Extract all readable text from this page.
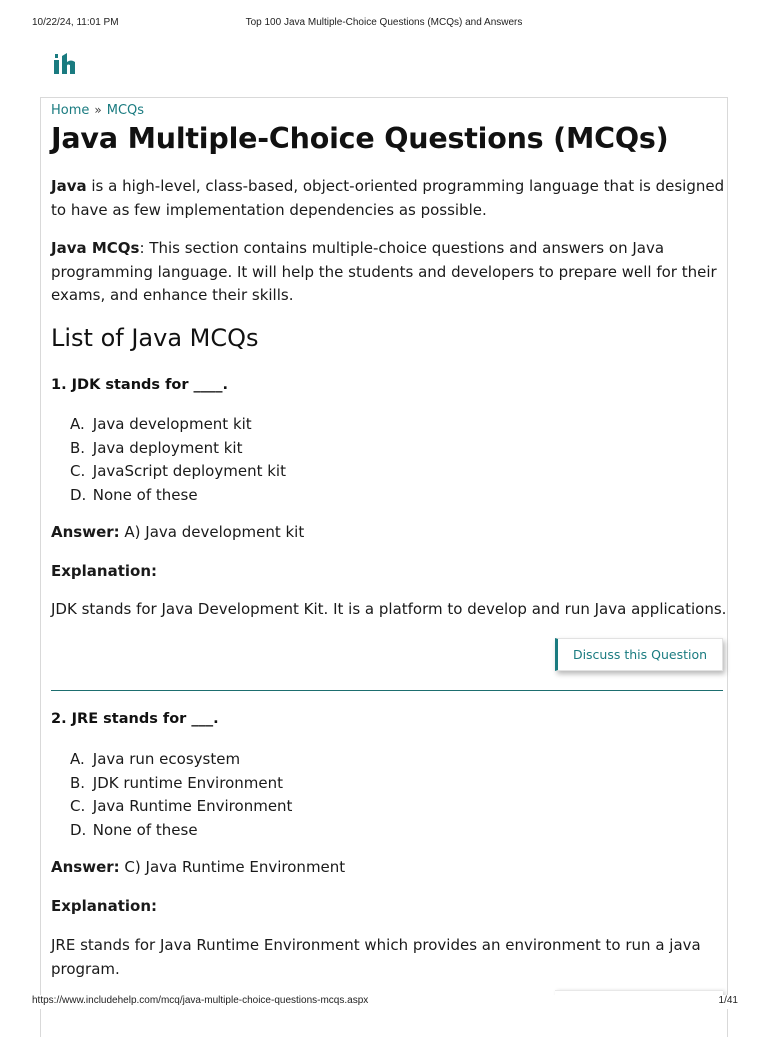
10/22/24, 11:01 PM	Top 100 Java Multiple-Choice Questions (MCQs) and Answers
Home » MCQs
Java Multiple-Choice Questions (MCQs)

Java is a high-level, class-based, object-oriented programming language that is designed to have as few implementation dependencies as possible.

Java MCQs: This section contains multiple-choice questions and answers on Java programming language. It will help the students and developers to prepare well for their exams, and enhance their skills.

List of Java MCQs

1. JDK stands for ____.

A. Java development kit
B. Java deployment kit
C. JavaScript deployment kit
D. None of these

Answer: A) Java development kit

Explanation:

JDK stands for Java Development Kit. It is a platform to develop and run Java applications.

Discuss this Question

2. JRE stands for ___.

A. Java run ecosystem
B. JDK runtime Environment
C. Java Runtime Environment
D. None of these

Answer: C) Java Runtime Environment

Explanation:

JRE stands for Java Runtime Environment which provides an environment to run a java program.

https://www.includehelp.com/mcq/java-multiple-choice-questions-mcqs.aspx	1/41
